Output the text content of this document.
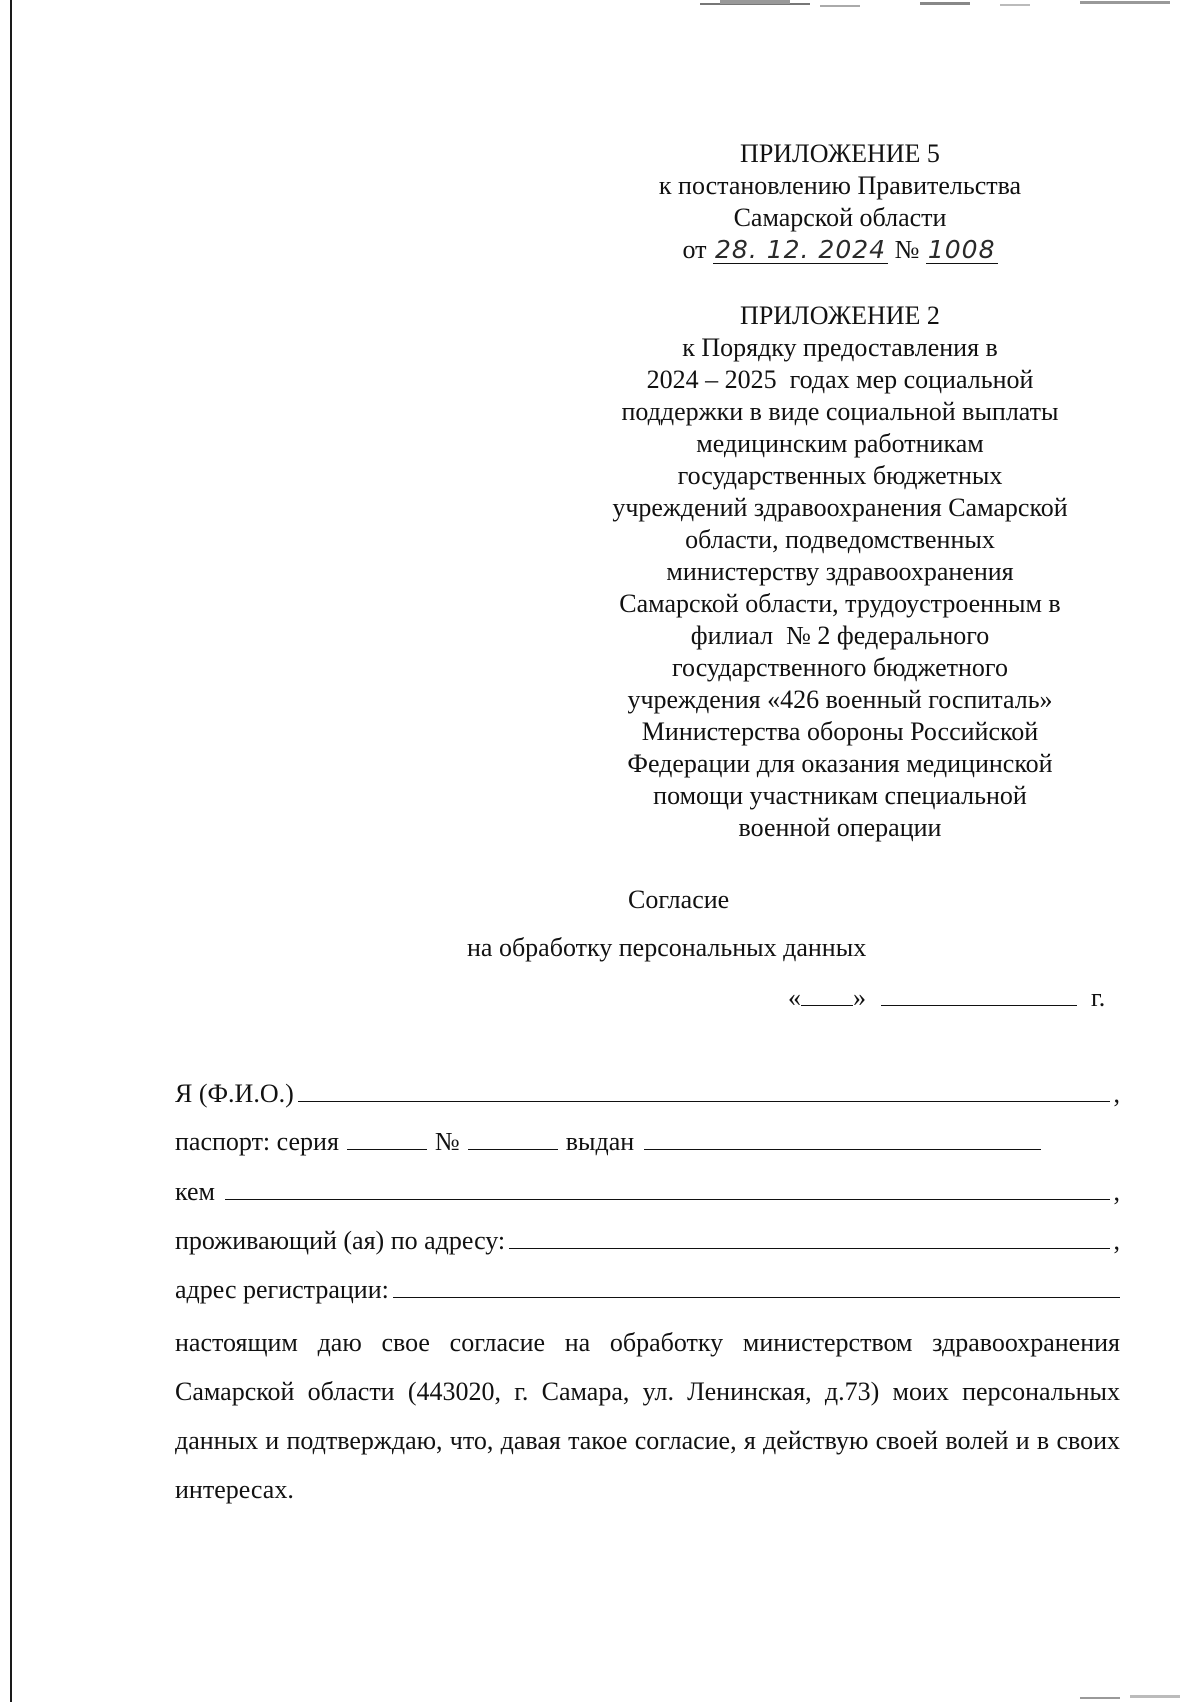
ПРИЛОЖЕНИЕ 5
к постановлению Правительства
Самарской области
от 28. 12. 2024 № 1008
ПРИЛОЖЕНИЕ 2
к Порядку предоставления в
2024 – 2025  годах мер социальной
поддержки в виде социальной выплаты
медицинским работникам
государственных бюджетных
учреждений здравоохранения Самарской
области, подведомственных
министерству здравоохранения
Самарской области, трудоустроенным в
филиал  № 2 федерального
государственного бюджетного
учреждения «426 военный госпиталь»
Министерства обороны Российской
Федерации для оказания медицинской
помощи участникам специальной
военной операции
Согласие
на обработку персональных данных
« »	г.
Я (Ф.И.О.)	,
паспорт: серия	№	выдан
кем	,
проживающий (ая) по адресу:	,
адрес регистрации:
настоящим даю свое согласие на обработку министерством здравоохранения Самарской области (443020, г. Самара, ул. Ленинская, д.73) моих персональных данных и подтверждаю, что, давая такое согласие, я действую своей волей и в своих интересах.
